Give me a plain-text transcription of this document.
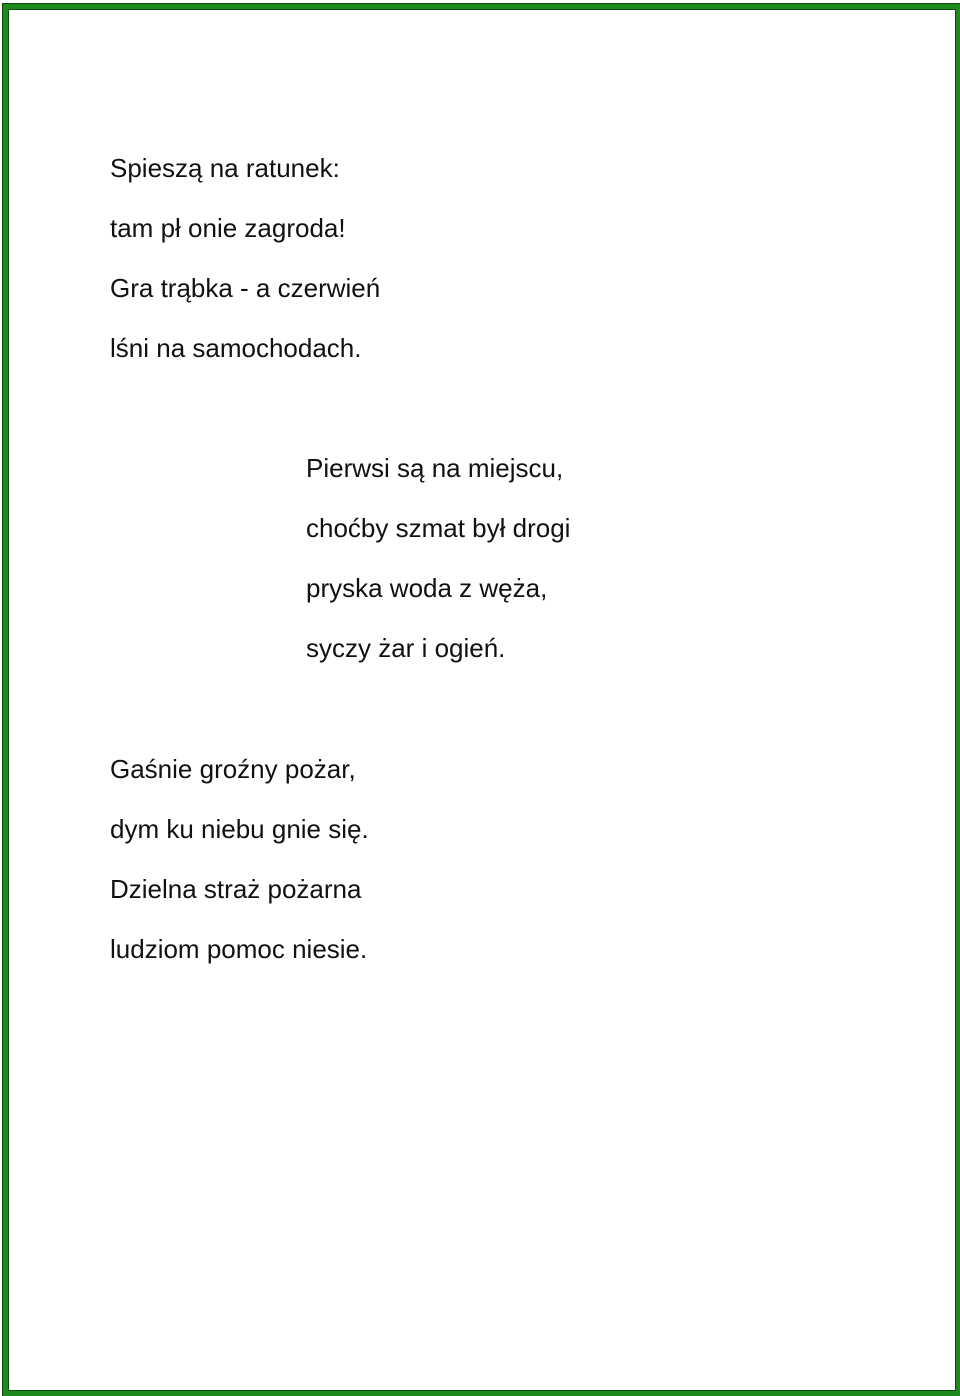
Spieszą na ratunek:
tam pł onie zagroda!
Gra trąbka - a czerwień
lśni na samochodach.
Pierwsi są na miejscu,
choćby szmat był drogi
pryska woda z węża,
syczy żar i ogień.
Gaśnie groźny pożar,
dym ku niebu gnie się.
Dzielna straż pożarna
ludziom pomoc niesie.
